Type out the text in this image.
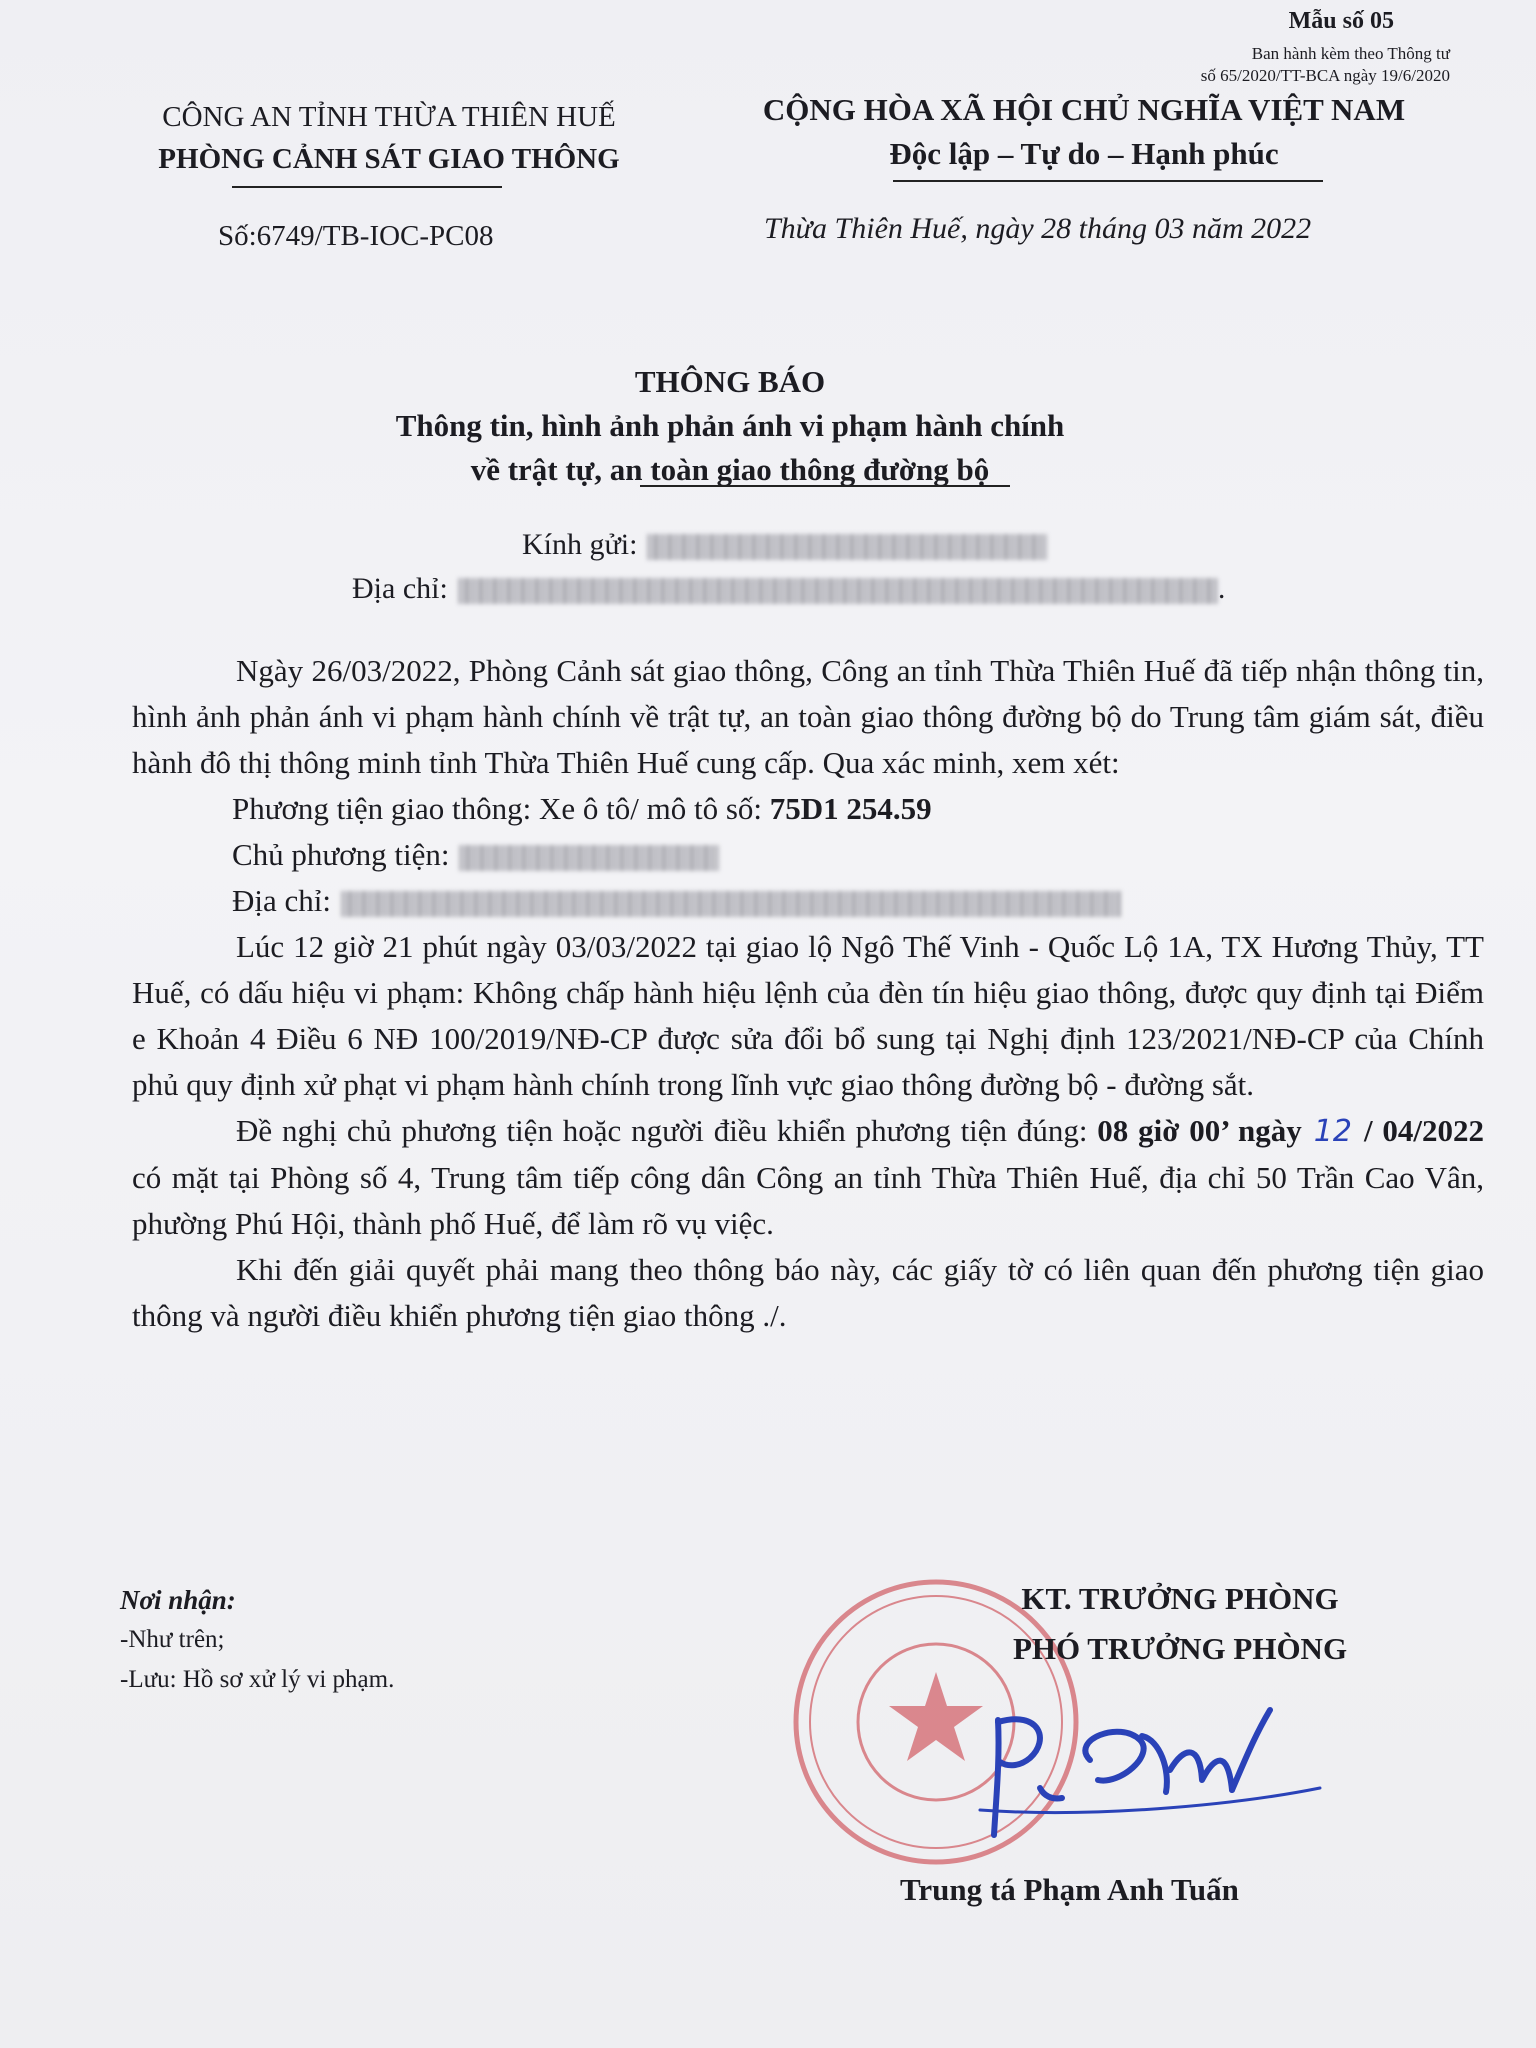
Mẫu số 05
Ban hành kèm theo Thông tư
số 65/2020/TT-BCA ngày 19/6/2020
CÔNG AN TỈNH THỪA THIÊN HUẾ
PHÒNG CẢNH SÁT GIAO THÔNG
Số:6749/TB-IOC-PC08
CỘNG HÒA XÃ HỘI CHỦ NGHĨA VIỆT NAM
Độc lập – Tự do – Hạnh phúc
Thừa Thiên Huế, ngày 28 tháng 03 năm 2022
THÔNG BÁO
Thông tin, hình ảnh phản ánh vi phạm hành chính
về trật tự, an toàn giao thông đường bộ
Kính gửi:
Địa chỉ:	.

Ngày 26/03/2022, Phòng Cảnh sát giao thông, Công an tỉnh Thừa Thiên Huế đã tiếp nhận thông tin, hình ảnh phản ánh vi phạm hành chính về trật tự, an toàn giao thông đường bộ do Trung tâm giám sát, điều hành đô thị thông minh tỉnh Thừa Thiên Huế cung cấp. Qua xác minh, xem xét:

Phương tiện giao thông: Xe ô tô/ mô tô số: 75D1 254.59

Chủ phương tiện:

Địa chỉ:

Lúc 12 giờ 21 phút ngày 03/03/2022 tại giao lộ Ngô Thế Vinh - Quốc Lộ 1A, TX Hương Thủy, TT Huế, có dấu hiệu vi phạm: Không chấp hành hiệu lệnh của đèn tín hiệu giao thông, được quy định tại Điểm e Khoản 4 Điều 6 NĐ 100/2019/NĐ-CP được sửa đổi bổ sung tại Nghị định 123/2021/NĐ-CP của Chính phủ quy định xử phạt vi phạm hành chính trong lĩnh vực giao thông đường bộ - đường sắt.

Đề nghị chủ phương tiện hoặc người điều khiển phương tiện đúng: 08 giờ 00’ ngày 12 / 04/2022 có mặt tại Phòng số 4, Trung tâm tiếp công dân Công an tỉnh Thừa Thiên Huế, địa chỉ 50 Trần Cao Vân, phường Phú Hội, thành phố Huế, để làm rõ vụ việc.

Khi đến giải quyết phải mang theo thông báo này, các giấy tờ có liên quan đến phương tiện giao thông và người điều khiển phương tiện giao thông ./.

Nơi nhận:
-Như trên;
-Lưu: Hồ sơ xử lý vi phạm.
KT. TRƯỞNG PHÒNG
PHÓ TRƯỞNG PHÒNG
Trung tá Phạm Anh Tuấn
